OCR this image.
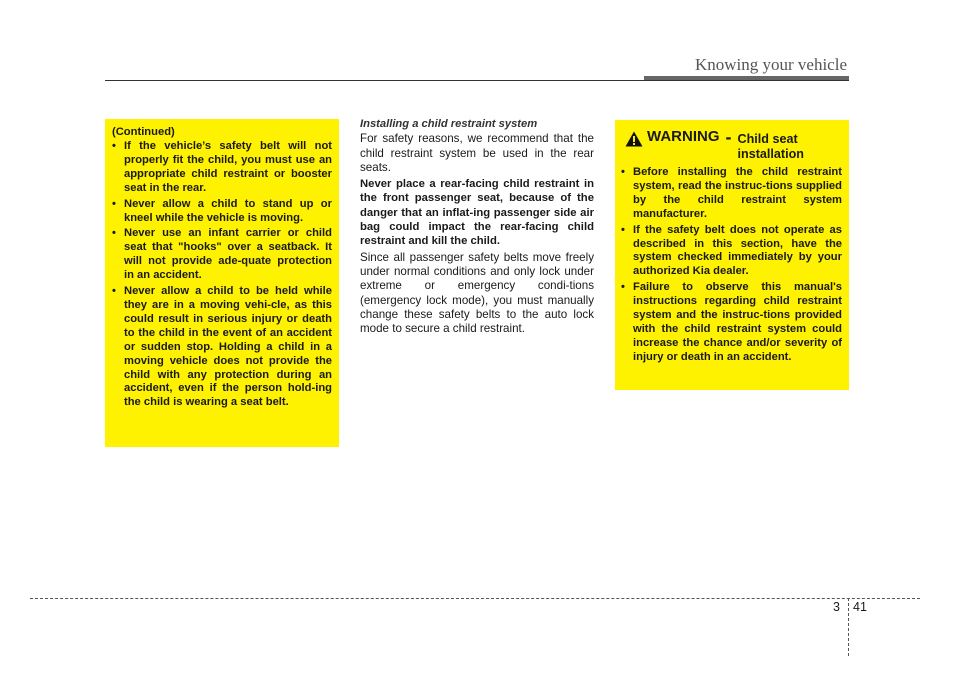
Knowing your vehicle
(Continued)
• If the vehicle’s safety belt will not properly fit the child, you must use an appropriate child restraint or booster seat in the rear.
• Never allow a child to stand up or kneel while the vehicle is moving.
• Never use an infant carrier or child seat that "hooks" over a seatback. It will not provide ade-quate protection in an accident.
• Never allow a child to be held while they are in a moving vehi-cle, as this could result in serious injury or death to the child in the event of an accident or sudden stop. Holding a child in a moving vehicle does not provide the child with any protection during an accident, even if the person hold-ing the child is wearing a seat belt.
Installing a child restraint system

For safety reasons, we recommend that the child restraint system be used in the rear seats.

Never place a rear-facing child restraint in the front passenger seat, because of the danger that an inflat-ing passenger side air bag could impact the rear-facing child restraint and kill the child.

Since all passenger safety belts move freely under normal conditions and only lock under extreme or emergency condi-tions (emergency lock mode), you must manually change these safety belts to the auto lock mode to secure a child restraint.

WARNING - Child seat installation
• Before installing the child restraint system, read the instruc-tions supplied by the child restraint system manufacturer.
• If the safety belt does not operate as described in this section, have the system checked immediately by your authorized Kia dealer.
• Failure to observe this manual's instructions regarding child restraint system and the instruc-tions provided with the child restraint system could increase the chance and/or severity of injury or death in an accident.
3 41
